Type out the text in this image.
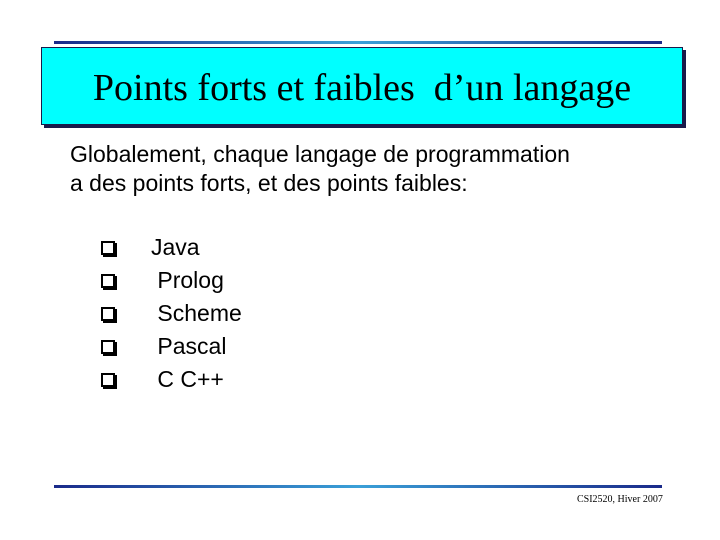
Points forts et faibles  d’un langage
Globalement, chaque langage de programmation
a des points forts, et des points faibles:
Java
Prolog
Scheme
Pascal
C C++
CSI2520, Hiver 2007
